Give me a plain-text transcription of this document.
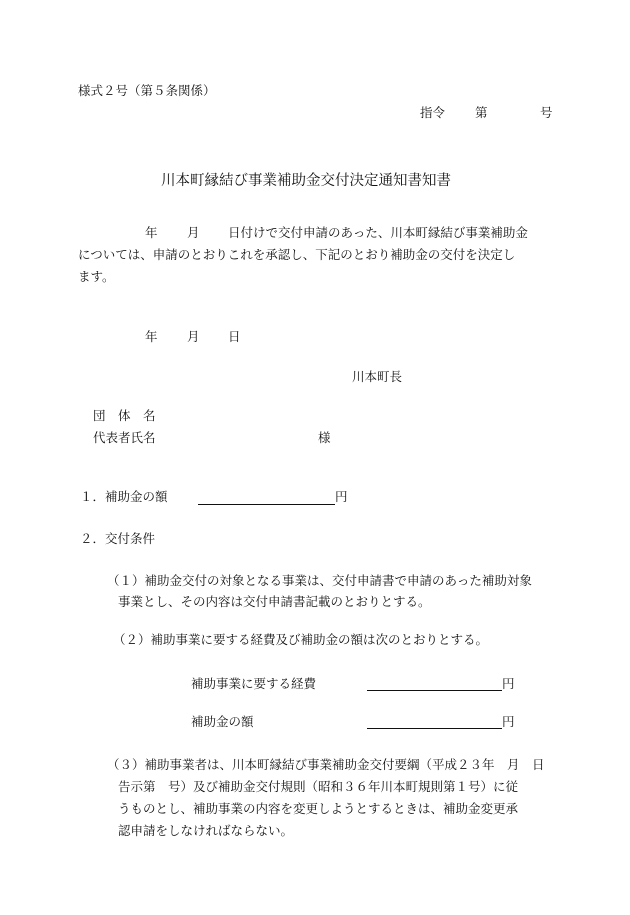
様式２号（第５条関係）
指令 第	号
川本町縁結び事業補助金交付決定通知書知書
年 月 日付けで交付申請のあった、川本町縁結び事業補助金
については、申請のとおりこれを承認し、下記のとおり補助金の交付を決定し
ます。
年 月 日
川本町長
団　体　名
代表者氏名	様
１．補助金の額	円
２．交付条件
（１）補助金交付の対象となる事業は、交付申請書で申請のあった補助対象
事業とし、その内容は交付申請書記載のとおりとする。
（２）補助事業に要する経費及び補助金の額は次のとおりとする。
補助事業に要する経費	円
補助金の額	円
（３）補助事業者は、川本町縁結び事業補助金交付要綱（平成２３年　月　日
告示第　号）及び補助金交付規則（昭和３６年川本町規則第１号）に従
うものとし、補助事業の内容を変更しようとするときは、補助金変更承
認申請をしなければならない。
